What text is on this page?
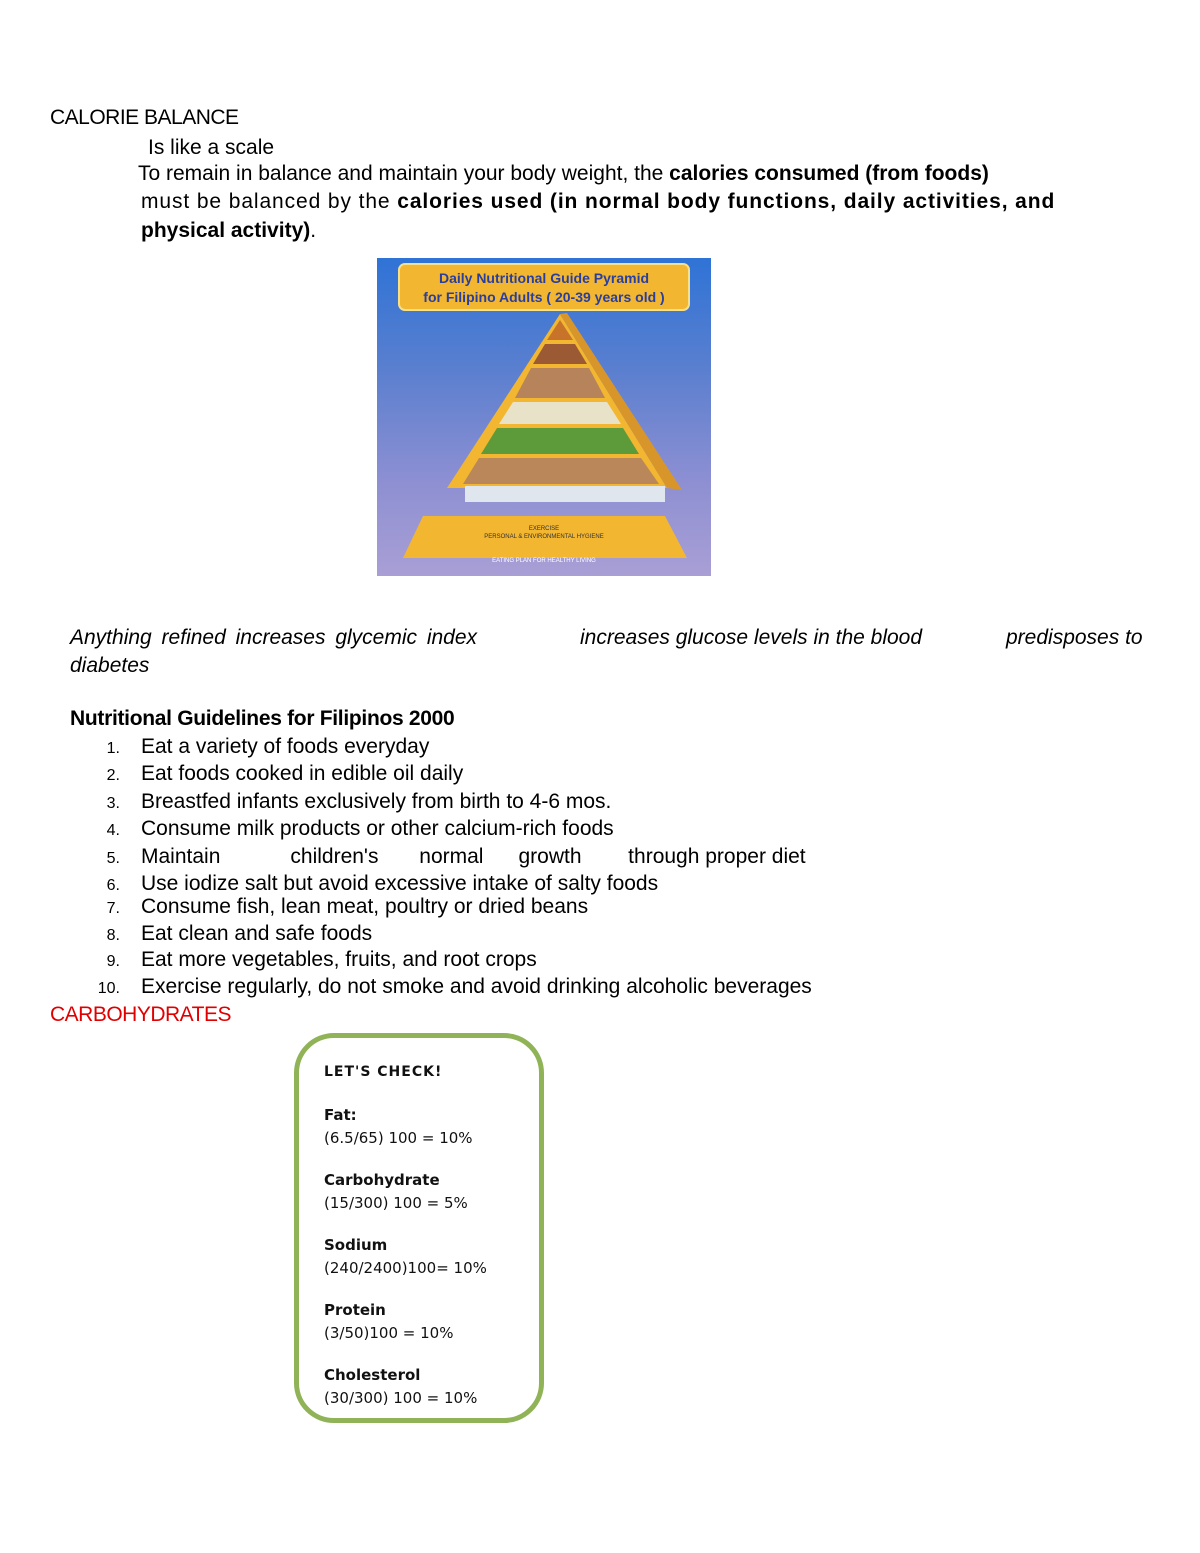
CALORIE BALANCE
Is like a scale
To remain in balance and maintain your body weight, the calories consumed (from foods)
must be balanced by the calories used (in normal body functions, daily activities, and
physical activity).
Daily Nutritional Guide Pyramid
for Filipino Adults ( 20-39 years old )
EXERCISE
PERSONAL & ENVIRONMENTAL HYGIENE
EATING PLAN FOR HEALTHY LIVING
Anything refined increases glycemic index	increases glucose levels in the blood	predisposes to
diabetes
Nutritional Guidelines for Filipinos 2000
1. Eat a variety of foods everyday
2. Eat foods cooked in edible oil daily
3. Breastfed infants exclusively from birth to 4-6 mos.
4. Consume milk products or other calcium-rich foods
5. Maintain            children's       normal      growth        through proper diet
6. Use iodize salt but avoid excessive intake of salty foods
7. Consume fish, lean meat, poultry or dried beans
8. Eat clean and safe foods
9. Eat more vegetables, fruits, and root crops
10. Exercise regularly, do not smoke and avoid drinking alcoholic beverages
CARBOHYDRATES
LET'S CHECK!
Fat:
(6.5/65) 100 = 10%
Carbohydrate
(15/300) 100 = 5%
Sodium
(240/2400)100= 10%
Protein
(3/50)100 = 10%
Cholesterol
(30/300) 100 = 10%
